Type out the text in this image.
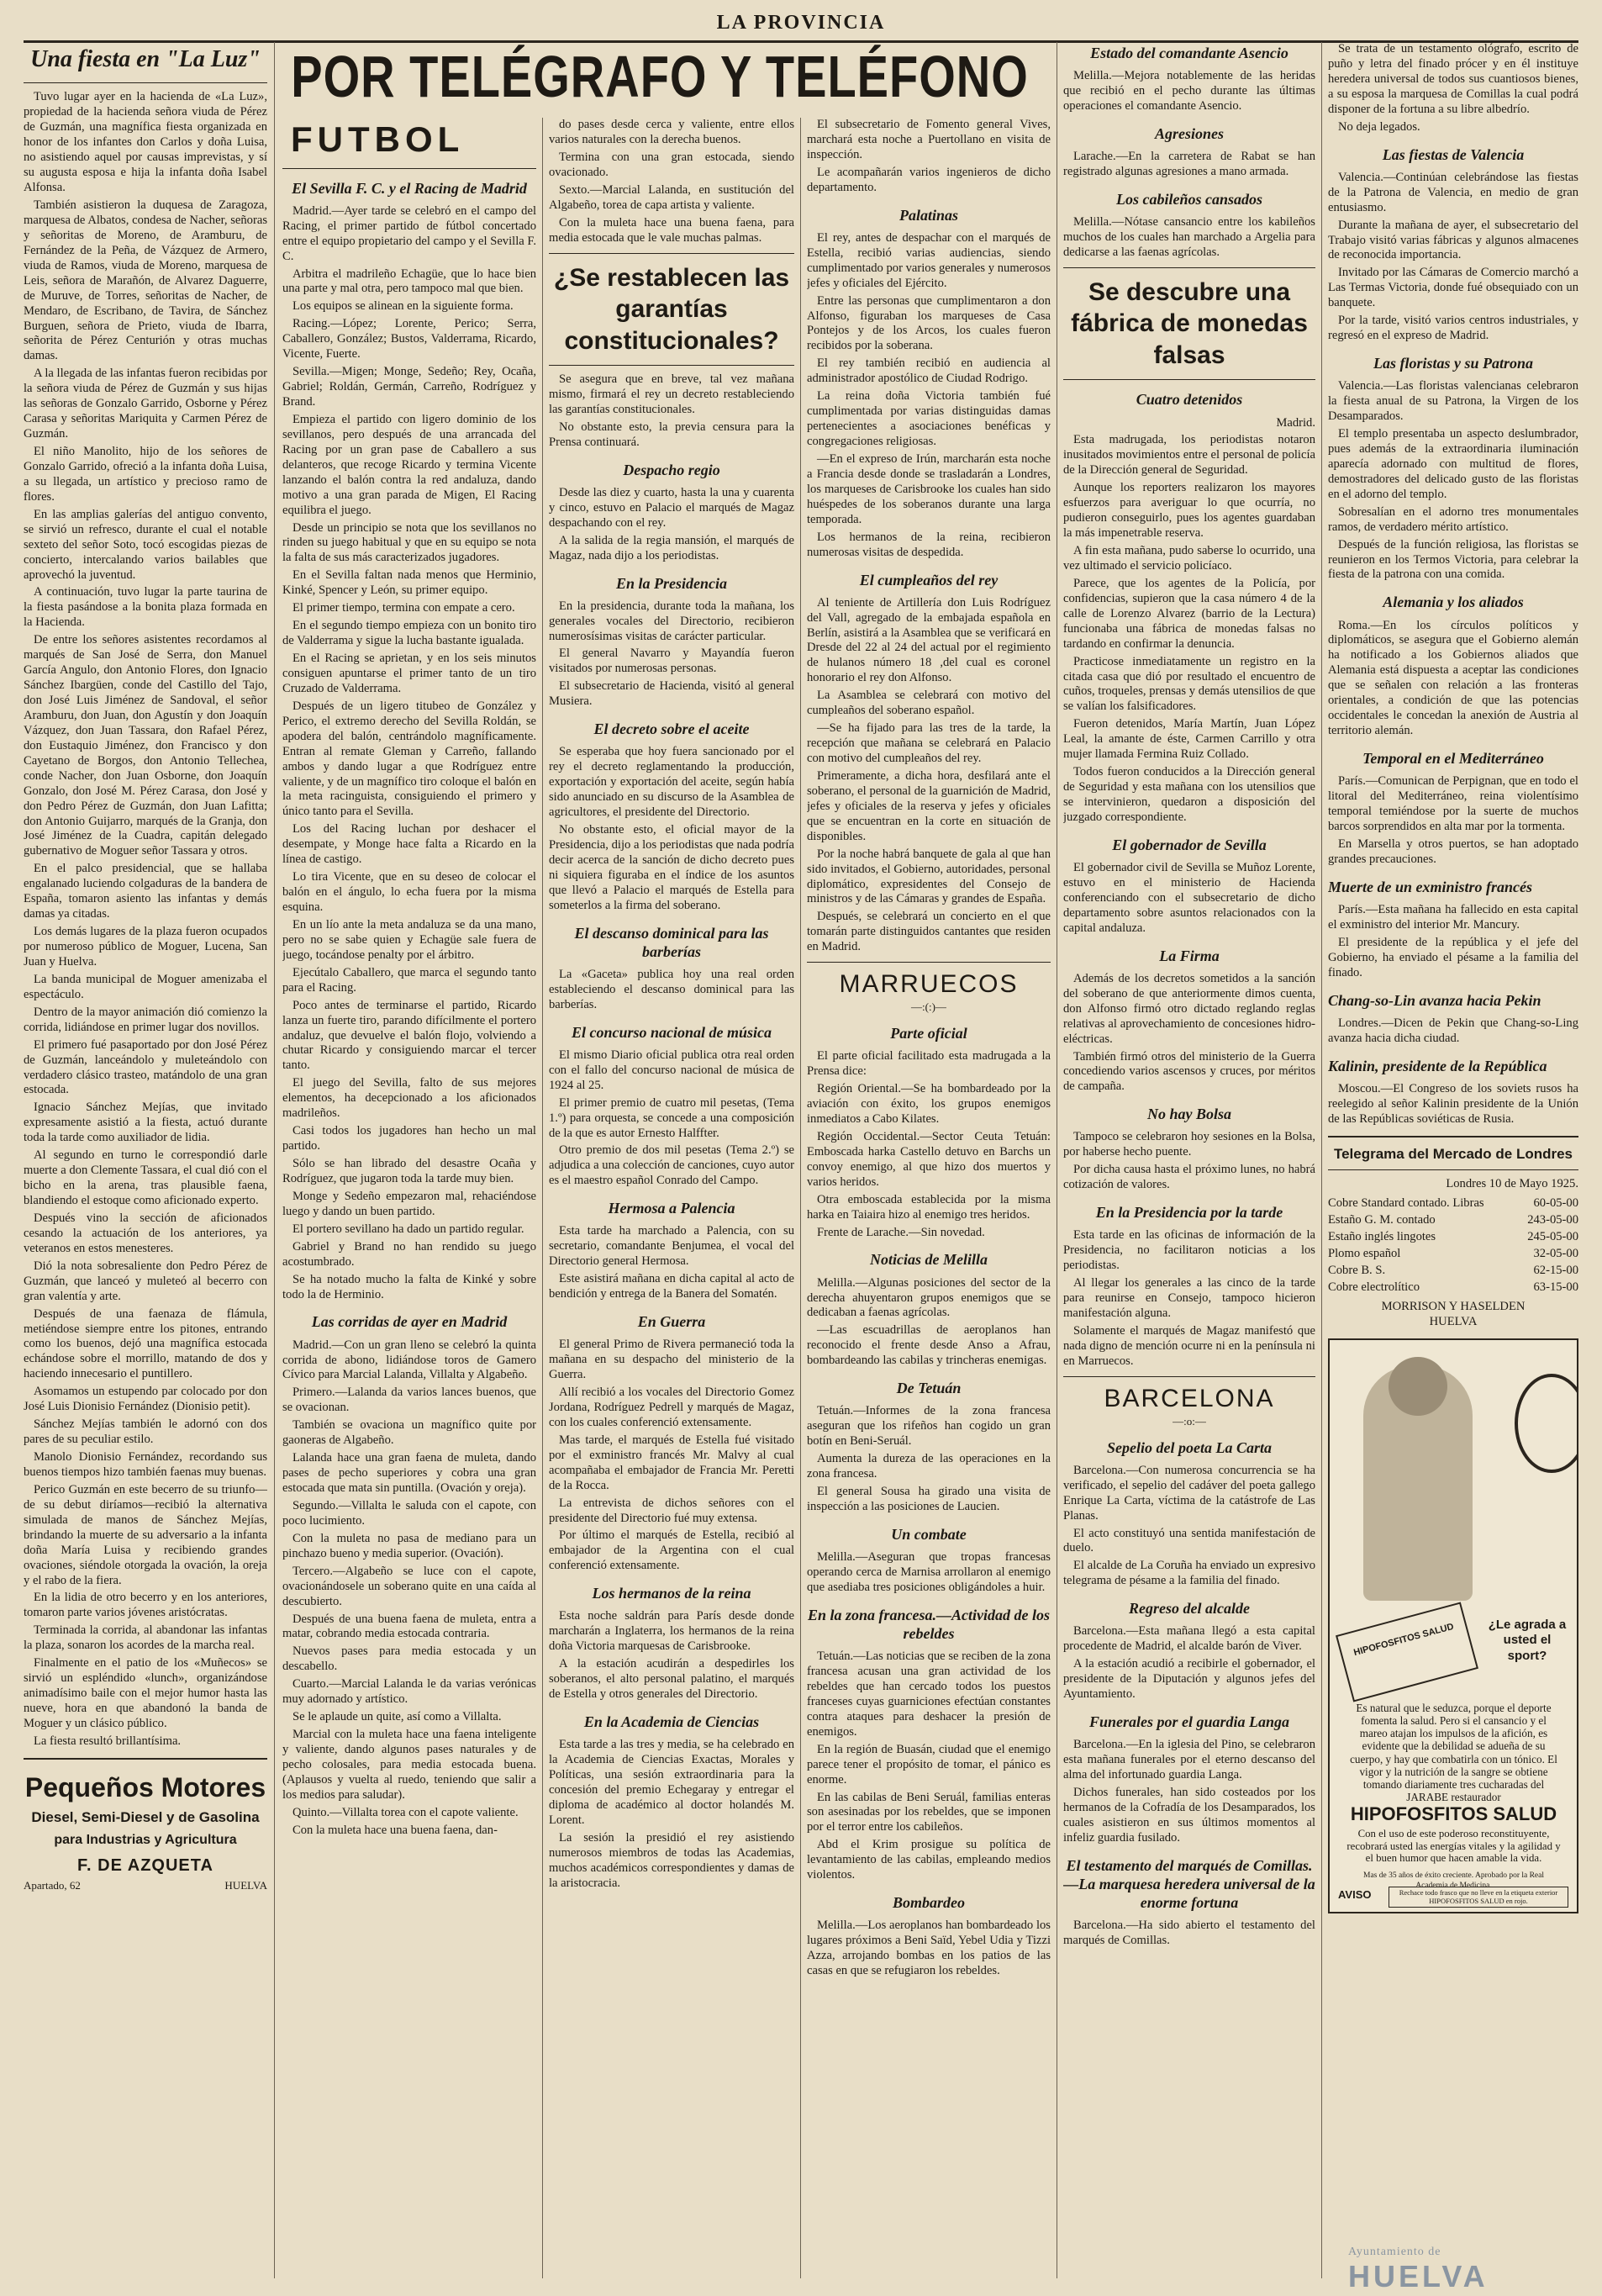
LA PROVINCIA
Una fiesta en "La Luz"

Tuvo lugar ayer en la hacienda de «La Luz», propiedad de la hacienda señora viuda de Pérez de Guzmán, una magnífica fiesta organizada en honor de los infantes don Carlos y doña Luisa, no asistiendo aquel por causas imprevistas, y sí su augusta esposa e hija la infanta doña Isabel Alfonsa.

También asistieron la duquesa de Zaragoza, marquesa de Albatos, condesa de Nacher, señoras y señoritas de Moreno, de Aramburu, de Fernández de la Peña, de Vázquez de Armero, viuda de Ramos, viuda de Moreno, marquesa de Leis, señora de Marañón, de Alvarez Daguerre, de Muruve, de Torres, señoritas de Nacher, de Mendaro, de Escribano, de Tavira, de Sánchez Burguen, señora de Prieto, viuda de Ibarra, señorita de Pérez Centurión y otras muchas damas.

A la llegada de las infantas fueron recibidas por la señora viuda de Pérez de Guzmán y sus hijas las señoras de Gonzalo Garrido, Osborne y Pérez Carasa y señoritas Mariquita y Carmen Pérez de Guzmán.

El niño Manolito, hijo de los señores de Gonzalo Garrido, ofreció a la infanta doña Luisa, a su llegada, un artístico y precioso ramo de flores.

En las amplias galerías del antiguo convento, se sirvió un refresco, durante el cual el notable sexteto del señor Soto, tocó escogidas piezas de concierto, intercalando varios bailables que aprovechó la juventud.

A continuación, tuvo lugar la parte taurina de la fiesta pasándose a la bonita plaza formada en la Hacienda.

De entre los señores asistentes recordamos al marqués de San José de Serra, don Manuel García Angulo, don Antonio Flores, don Ignacio Sánchez Ibargüen, conde del Castillo del Tajo, don José Luis Jiménez de Sandoval, el señor Aramburu, don Juan, don Agustín y don Joaquín Vázquez, don Juan Tassara, don Rafael Pérez, don Eustaquio Jiménez, don Francisco y don Cayetano de Borgos, don Antonio Tellechea, conde Nacher, don Juan Osborne, don Joaquín Gonzalo, don José M. Pérez Carasa, don José y don Pedro Pérez de Guzmán, don Juan Lafitta; don Antonio Guijarro, marqués de la Granja, don José Jiménez de la Cuadra, capitán delegado gubernativo de Moguer señor Tassara y otros.

En el palco presidencial, que se hallaba engalanado luciendo colgaduras de la bandera de España, tomaron asiento las infantas y demás damas ya citadas.

Los demás lugares de la plaza fueron ocupados por numeroso público de Moguer, Lucena, San Juan y Huelva.

La banda municipal de Moguer amenizaba el espectáculo.

Dentro de la mayor animación dió comienzo la corrida, lidiándose en primer lugar dos novillos.

El primero fué pasaportado por don José Pérez de Guzmán, lanceándolo y muleteándolo con verdadero clásico trasteo, matándolo de una gran estocada.

Ignacio Sánchez Mejías, que invitado expresamente asistió a la fiesta, actuó durante toda la tarde como auxiliador de lidia.

Al segundo en turno le correspondió darle muerte a don Clemente Tassara, el cual dió con el bicho en la arena, tras plausible faena, blandiendo el estoque como aficionado experto.

Después vino la sección de aficionados cesando la actuación de los anteriores, ya veteranos en estos menesteres.

Dió la nota sobresaliente don Pedro Pérez de Guzmán, que lanceó y muleteó al becerro con gran valentía y arte.

Después de una faenaza de flámula, metiéndose siempre entre los pitones, entrando como los buenos, dejó una magnífica estocada echándose sobre el morrillo, matando de dos y haciendo innecesario el puntillero.

Asomamos un estupendo par colocado por don José Luis Dionisio Fernández (Dionisio petit).

Sánchez Mejías también le adornó con dos pares de su peculiar estilo.

Manolo Dionisio Fernández, recordando sus buenos tiempos hizo también faenas muy buenas.

Perico Guzmán en este becerro de su triunfo—de su debut diríamos—recibió la alternativa simulada de manos de Sánchez Mejías, brindando la muerte de su adversario a la infanta doña María Luisa y recibiendo grandes ovaciones, siéndole otorgada la ovación, la oreja y el rabo de la fiera.

En la lidia de otro becerro y en los anteriores, tomaron parte varios jóvenes aristócratas.

Terminada la corrida, al abandonar las infantas la plaza, sonaron los acordes de la marcha real.

Finalmente en el patio de los «Muñecos» se sirvió un espléndido «lunch», organizándose animadísimo baile con el mejor humor hasta las nueve, hora en que abandonó la banda de Moguer y un clásico público.

La fiesta resultó brillantísima.

Pequeños Motores
Diesel, Semi-Diesel y de Gasolina
para Industrias y Agricultura
F. DE AZQUETA
Apartado, 62	HUELVA
POR TELÉGRAFO Y TELÉFONO
FUTBOL
El Sevilla F. C. y el Racing de Madrid

Madrid.—Ayer tarde se celebró en el campo del Racing, el primer partido de fútbol concertado entre el equipo propietario del campo y el Sevilla F. C.

Arbitra el madrileño Echagüe, que lo hace bien una parte y mal otra, pero tampoco mal que bien.

Los equipos se alinean en la siguiente forma.

Racing.—López; Lorente, Perico; Serra, Caballero, González; Bustos, Valderrama, Ricardo, Vicente, Fuerte.

Sevilla.—Migen; Monge, Sedeño; Rey, Ocaña, Gabriel; Roldán, Germán, Carreño, Rodríguez y Brand.

Empieza el partido con ligero dominio de los sevillanos, pero después de una arrancada del Racing por un gran pase de Caballero a sus delanteros, que recoge Ricardo y termina Vicente lanzando el balón contra la red andaluza, dando motivo a una gran parada de Migen, El Racing equilibra el juego.

Desde un principio se nota que los sevillanos no rinden su juego habitual y que en su equipo se nota la falta de sus más caracterizados jugadores.

En el Sevilla faltan nada menos que Herminio, Kinké, Spencer y León, su primer equipo.

El primer tiempo, termina con empate a cero.

En el segundo tiempo empieza con un bonito tiro de Valderrama y sigue la lucha bastante igualada.

En el Racing se aprietan, y en los seis minutos consiguen apuntarse el primer tanto de un tiro Cruzado de Valderrama.

Después de un ligero titubeo de González y Perico, el extremo derecho del Sevilla Roldán, se apodera del balón, centrándolo magníficamente. Entran al remate Gleman y Carreño, fallando ambos y dando lugar a que Rodríguez entre valiente, y de un magnífico tiro coloque el balón en la meta racinguista, consiguiendo el primero y único tanto para el Sevilla.

Los del Racing luchan por deshacer el desempate, y Monge hace falta a Ricardo en la línea de castigo.

Lo tira Vicente, que en su deseo de colocar el balón en el ángulo, lo echa fuera por la misma esquina.

En un lío ante la meta andaluza se da una mano, pero no se sabe quien y Echagüe sale fuera de juego, tocándose penalty por el árbitro.

Ejecútalo Caballero, que marca el segundo tanto para el Racing.

Poco antes de terminarse el partido, Ricardo lanza un fuerte tiro, parando difícilmente el portero andaluz, que devuelve el balón flojo, volviendo a chutar Ricardo y consiguiendo marcar el tercer tanto.

El juego del Sevilla, falto de sus mejores elementos, ha decepcionado a los aficionados madrileños.

Casi todos los jugadores han hecho un mal partido.

Sólo se han librado del desastre Ocaña y Rodríguez, que jugaron toda la tarde muy bien.

Monge y Sedeño empezaron mal, rehaciéndose luego y dando un buen partido.

El portero sevillano ha dado un partido regular.

Gabriel y Brand no han rendido su juego acostumbrado.

Se ha notado mucho la falta de Kinké y sobre todo la de Herminio.

Las corridas de ayer en Madrid

Madrid.—Con un gran lleno se celebró la quinta corrida de abono, lidiándose toros de Gamero Cívico para Marcial Lalanda, Villalta y Algabeño.

Primero.—Lalanda da varios lances buenos, que se ovacionan.

También se ovaciona un magnífico quite por gaoneras de Algabeño.

Lalanda hace una gran faena de muleta, dando pases de pecho superiores y cobra una gran estocada que mata sin puntilla. (Ovación y oreja).

Segundo.—Villalta le saluda con el capote, con poco lucimiento.

Con la muleta no pasa de mediano para un pinchazo bueno y media superior. (Ovación).

Tercero.—Algabeño se luce con el capote, ovacionándosele un soberano quite en una caída al descubierto.

Después de una buena faena de muleta, entra a matar, cobrando media estocada contraria.

Nuevos pases para media estocada y un descabello.

Cuarto.—Marcial Lalanda le da varias verónicas muy adornado y artístico.

Se le aplaude un quite, así como a Villalta.

Marcial con la muleta hace una faena inteligente y valiente, dando algunos pases naturales y de pecho colosales, para media estocada buena. (Aplausos y vuelta al ruedo, teniendo que salir a los medios para saludar).

Quinto.—Villalta torea con el capote valiente.

Con la muleta hace una buena faena, dan-

do pases desde cerca y valiente, entre ellos varios naturales con la derecha buenos.

Termina con una gran estocada, siendo ovacionado.

Sexto.—Marcial Lalanda, en sustitución del Algabeño, torea de capa artista y valiente.

Con la muleta hace una buena faena, para media estocada que le vale muchas palmas.

¿Se restablecen las garantías constitucionales?

Se asegura que en breve, tal vez mañana mismo, firmará el rey un decreto restableciendo las garantías constitucionales.

No obstante esto, la previa censura para la Prensa continuará.

Despacho regio

Desde las diez y cuarto, hasta la una y cuarenta y cinco, estuvo en Palacio el marqués de Magaz despachando con el rey.

A la salida de la regia mansión, el marqués de Magaz, nada dijo a los periodistas.

En la Presidencia

En la presidencia, durante toda la mañana, los generales vocales del Directorio, recibieron numerosísimas visitas de carácter particular.

El general Navarro y Mayandía fueron visitados por numerosas personas.

El subsecretario de Hacienda, visitó al general Musiera.

El decreto sobre el aceite

Se esperaba que hoy fuera sancionado por el rey el decreto reglamentando la producción, exportación y exportación del aceite, según había sido anunciado en su discurso de la Asamblea de agricultores, el presidente del Directorio.

No obstante esto, el oficial mayor de la Presidencia, dijo a los periodistas que nada podría decir acerca de la sanción de dicho decreto pues ni siquiera figuraba en el índice de los asuntos que llevó a Palacio el marqués de Estella para someterlos a la firma del soberano.

El descanso dominical para las barberías

La «Gaceta» publica hoy una real orden estableciendo el descanso dominical para las barberías.

El concurso nacional de música

El mismo Diario oficial publica otra real orden con el fallo del concurso nacional de música de 1924 al 25.

El primer premio de cuatro mil pesetas, (Tema 1.º) para orquesta, se concede a una composición de la que es autor Ernesto Halffter.

Otro premio de dos mil pesetas (Tema 2.º) se adjudica a una colección de canciones, cuyo autor es el maestro español Conrado del Campo.

Hermosa a Palencia

Esta tarde ha marchado a Palencia, con su secretario, comandante Benjumea, el vocal del Directorio general Hermosa.

Este asistirá mañana en dicha capital al acto de bendición y entrega de la Banera del Somatén.

En Guerra

El general Primo de Rivera permaneció toda la mañana en su despacho del ministerio de la Guerra.

Allí recibió a los vocales del Directorio Gomez Jordana, Rodríguez Pedrell y marqués de Magaz, con los cuales conferenció extensamente.

Mas tarde, el marqués de Estella fué visitado por el exministro francés Mr. Malvy al cual acompañaba el embajador de Francia Mr. Peretti de la Rocca.

La entrevista de dichos señores con el presidente del Directorio fué muy extensa.

Por último el marqués de Estella, recibió al embajador de la Argentina con el cual conferenció extensamente.

Los hermanos de la reina

Esta noche saldrán para París desde donde marcharán a Inglaterra, los hermanos de la reina doña Victoria marquesas de Carisbrooke.

A la estación acudirán a despedirles los soberanos, el alto personal palatino, el marqués de Estella y otros generales del Directorio.

En la Academia de Ciencias

Esta tarde a las tres y media, se ha celebrado en la Academia de Ciencias Exactas, Morales y Políticas, una sesión extraordinaria para la concesión del premio Echegaray y entregar el diploma de académico al doctor holandés M. Lorent.

La sesión la presidió el rey asistiendo numerosos miembros de todas las Academias, muchos académicos correspondientes y damas de la aristocracia.

El subsecretario de Fomento general Vives, marchará esta noche a Puertollano en visita de inspección.

Le acompañarán varios ingenieros de dicho departamento.

Palatinas

El rey, antes de despachar con el marqués de Estella, recibió varias audiencias, siendo cumplimentado por varios generales y numerosos jefes y oficiales del Ejército.

Entre las personas que cumplimentaron a don Alfonso, figuraban los marqueses de Casa Pontejos y de los Arcos, los cuales fueron recibidos por la soberana.

El rey también recibió en audiencia al administrador apostólico de Ciudad Rodrigo.

La reina doña Victoria también fué cumplimentada por varias distinguidas damas pertenecientes a asociaciones benéficas y congregaciones religiosas.

—En el expreso de Irún, marcharán esta noche a Francia desde donde se trasladarán a Londres, los marqueses de Carisbrooke los cuales han sido huéspedes de los soberanos durante una larga temporada.

Los hermanos de la reina, recibieron numerosas visitas de despedida.

El cumpleaños del rey

Al teniente de Artillería don Luis Rodríguez del Vall, agregado de la embajada española en Berlín, asistirá a la Asamblea que se verificará en Dresde del 22 al 24 del actual por el regimiento de hulanos número 18 ,del cual es coronel honorario el rey don Alfonso.

La Asamblea se celebrará con motivo del cumpleaños del soberano español.

—Se ha fijado para las tres de la tarde, la recepción que mañana se celebrará en Palacio con motivo del cumpleaños del rey.

Primeramente, a dicha hora, desfilará ante el soberano, el personal de la guarnición de Madrid, jefes y oficiales de la reserva y jefes y oficiales que se encuentran en la corte en situación de disponibles.

Por la noche habrá banquete de gala al que han sido invitados, el Gobierno, autoridades, personal diplomático, expresidentes del Consejo de ministros y de las Cámaras y grandes de España.

Después, se celebrará un concierto en el que tomarán parte distinguidos cantantes que residen en Madrid.

MARRUECOS
—:(:)—
Parte oficial

El parte oficial facilitado esta madrugada a la Prensa dice:

Región Oriental.—Se ha bombardeado por la aviación con éxito, los grupos enemigos inmediatos a Cabo Kilates.

Región Occidental.—Sector Ceuta Tetuán: Emboscada harka Castello detuvo en Barchs un convoy enemigo, al que hizo dos muertos y varios heridos.

Otra emboscada establecida por la misma harka en Taiaira hizo al enemigo tres heridos.

Frente de Larache.—Sin novedad.

Noticias de Melilla

Melilla.—Algunas posiciones del sector de la derecha ahuyentaron grupos enemigos que se dedicaban a faenas agrícolas.

—Las escuadrillas de aeroplanos han reconocido el frente desde Anso a Afrau, bombardeando las cabilas y trincheras enemigas.

De Tetuán

Tetuán.—Informes de la zona francesa aseguran que los rifeños han cogido un gran botín en Beni-Seruál.

Aumenta la dureza de las operaciones en la zona francesa.

El general Sousa ha girado una visita de inspección a las posiciones de Laucien.

Un combate

Melilla.—Aseguran que tropas francesas operando cerca de Marnisa arrollaron al enemigo que asediaba tres posiciones obligándoles a huir.

En la zona francesa.—Actividad de los rebeldes

Tetuán.—Las noticias que se reciben de la zona francesa acusan una gran actividad de los rebeldes que han cercado todos los puestos franceses cuyas guarniciones efectúan constantes contra ataques para deshacer la presión de enemigos.

En la región de Buasán, ciudad que el enemigo parece tener el propósito de tomar, el pánico es enorme.

En las cabilas de Beni Seruál, familias enteras son asesinadas por los rebeldes, que se imponen por el terror entre los cabileños.

Abd el Krim prosigue su política de levantamiento de las cabilas, empleando medios violentos.

Bombardeo

Melilla.—Los aeroplanos han bombardeado los lugares próximos a Beni Saïd, Yebel Udia y Tizzi Azza, arrojando bombas en los patios de las casas en que se refugiaron los rebeldes.

Estado del comandante Asencio

Melilla.—Mejora notablemente de las heridas que recibió en el pecho durante las últimas operaciones el comandante Asencio.

Agresiones

Larache.—En la carretera de Rabat se han registrado algunas agresiones a mano armada.

Los cabileños cansados

Melilla.—Nótase cansancio entre los kabileños muchos de los cuales han marchado a Argelia para dedicarse a las faenas agrícolas.

Se descubre una fábrica de monedas falsas
Cuatro detenidos
Madrid.

Esta madrugada, los periodistas notaron inusitados movimientos entre el personal de policía de la Dirección general de Seguridad.

Aunque los reporters realizaron los mayores esfuerzos para averiguar lo que ocurría, no pudieron conseguirlo, pues los agentes guardaban la más impenetrable reserva.

A fin esta mañana, pudo saberse lo ocurrido, una vez ultimado el servicio policíaco.

Parece, que los agentes de la Policía, por confidencias, supieron que la casa número 4 de la calle de Lorenzo Alvarez (barrio de la Lectura) funcionaba una fábrica de monedas falsas no tardando en confirmar la denuncia.

Practicose inmediatamente un registro en la citada casa que dió por resultado el encuentro de cuños, troqueles, prensas y demás utensilios de que se valían los falsificadores.

Fueron detenidos, María Martín, Juan López Leal, la amante de éste, Carmen Carrillo y otra mujer llamada Fermina Ruiz Collado.

Todos fueron conducidos a la Dirección general de Seguridad y esta mañana con los utensilios que se intervinieron, quedaron a disposición del juzgado correspondiente.

El gobernador de Sevilla

El gobernador civil de Sevilla se Muñoz Lorente, estuvo en el ministerio de Hacienda conferenciando con el subsecretario de dicho departamento sobre asuntos relacionados con la capital andaluza.

La Firma

Además de los decretos sometidos a la sanción del soberano de que anteriormente dimos cuenta, don Alfonso firmó otro dictado reglando reglas relativas al aprovechamiento de concesiones hidro-eléctricas.

También firmó otros del ministerio de la Guerra concediendo varios ascensos y cruces, por méritos de campaña.

No hay Bolsa

Tampoco se celebraron hoy sesiones en la Bolsa, por haberse hecho puente.

Por dicha causa hasta el próximo lunes, no habrá cotización de valores.

En la Presidencia por la tarde

Esta tarde en las oficinas de información de la Presidencia, no facilitaron noticias a los periodistas.

Al llegar los generales a las cinco de la tarde para reunirse en Consejo, tampoco hicieron manifestación alguna.

Solamente el marqués de Magaz manifestó que nada digno de mención ocurre ni en la península ni en Marruecos.

BARCELONA
—:o:—
Sepelio del poeta La Carta

Barcelona.—Con numerosa concurrencia se ha verificado, el sepelio del cadáver del poeta gallego Enrique La Carta, víctima de la catástrofe de Las Planas.

El acto constituyó una sentida manifestación de duelo.

El alcalde de La Coruña ha enviado un expresivo telegrama de pésame a la familia del finado.

Regreso del alcalde

Barcelona.—Esta mañana llegó a esta capital procedente de Madrid, el alcalde barón de Viver.

A la estación acudió a recibirle el gobernador, el presidente de la Diputación y algunos jefes del Ayuntamiento.

Funerales por el guardia Langa

Barcelona.—En la iglesia del Pino, se celebraron esta mañana funerales por el eterno descanso del alma del infortunado guardia Langa.

Dichos funerales, han sido costeados por los hermanos de la Cofradía de los Desamparados, los cuales asistieron en sus últimos momentos al infeliz guardia fusilado.

El testamento del marqués de Comillas.—La marquesa heredera universal de la enorme fortuna

Barcelona.—Ha sido abierto el testamento del marqués de Comillas.

Se trata de un testamento ológrafo, escrito de puño y letra del finado prócer y en él instituye heredera universal de todos sus cuantiosos bienes, a su esposa la marquesa de Comillas la cual podrá disponer de la fortuna a su libre albedrío.

No deja legados.

Las fiestas de Valencia

Valencia.—Continúan celebrándose las fiestas de la Patrona de Valencia, en medio de gran entusiasmo.

Durante la mañana de ayer, el subsecretario del Trabajo visitó varias fábricas y algunos almacenes de reconocida importancia.

Invitado por las Cámaras de Comercio marchó a Las Termas Victoria, donde fué obsequiado con un banquete.

Por la tarde, visitó varios centros industriales, y regresó en el expreso de Madrid.

Las floristas y su Patrona

Valencia.—Las floristas valencianas celebraron la fiesta anual de su Patrona, la Virgen de los Desamparados.

El templo presentaba un aspecto deslumbrador, pues además de la extraordinaria iluminación aparecía adornado con multitud de flores, demostradores del delicado gusto de las floristas en el adorno del templo.

Sobresalían en el adorno tres monumentales ramos, de verdadero mérito artístico.

Después de la función religiosa, las floristas se reunieron en los Termos Victoria, para celebrar la fiesta de la patrona con una comida.

Alemania y los aliados

Roma.—En los círculos políticos y diplomáticos, se asegura que el Gobierno alemán ha notificado a los Gobiernos aliados que Alemania está dispuesta a aceptar las condiciones que se señalen con relación a las fronteras orientales, a condición de que las potencias occidentales le concedan la anexión de Austria al territorio alemán.

Temporal en el Mediterráneo

París.—Comunican de Perpignan, que en todo el litoral del Mediterráneo, reina violentísimo temporal temiéndose por la suerte de muchos barcos sorprendidos en alta mar por la tormenta.

En Marsella y otros puertos, se han adoptado grandes precauciones.

Muerte de un exministro francés

París.—Esta mañana ha fallecido en esta capital el exministro del interior Mr. Mancury.

El presidente de la república y el jefe del Gobierno, ha enviado el pésame a la familia del finado.

Chang-so-Lin avanza hacia Pekin

Londres.—Dicen de Pekin que Chang-so-Ling avanza hacia dicha ciudad.

Kalinin, presidente de la República

Moscou.—El Congreso de los soviets rusos ha reelegido al señor Kalinin presidente de la Unión de las Repúblicas soviéticas de Rusia.

Telegrama del Mercado de Londres
Londres 10 de Mayo 1925.
Cobre Standard contado. Libras	60-05-00
Estaño G. M. contado	243-05-00
Estaño inglés lingotes	245-05-00
Plomo español	32-05-00
Cobre B. S.	62-15-00
Cobre electrolítico	63-15-00
MORRISON Y HASELDEN
HUELVA
¿Le agrada a usted el sport?
HIPOFOSFITOS SALUD
Es natural que le seduzca, porque el deporte fomenta la salud. Pero si el cansancio y el mareo atajan los impulsos de la afición, es evidente que la debilidad se adueña de su cuerpo, y hay que combatirla con un tónico. El vigor y la nutrición de la sangre se obtiene tomando diariamente tres cucharadas del JARABE restaurador
HIPOFOSFITOS SALUD
Con el uso de este poderoso reconstituyente, recobrará usted las energías vitales y la agilidad y el buen humor que hacen amable la vida.
Mas de 35 años de éxito creciente. Aprobado por la Real Academia de Medicina.
AVISO	Rechace todo frasco que no lleve en la etiqueta exterior HIPOFOSFITOS SALUD en rojo.
Ayuntamiento de
HUELVA
